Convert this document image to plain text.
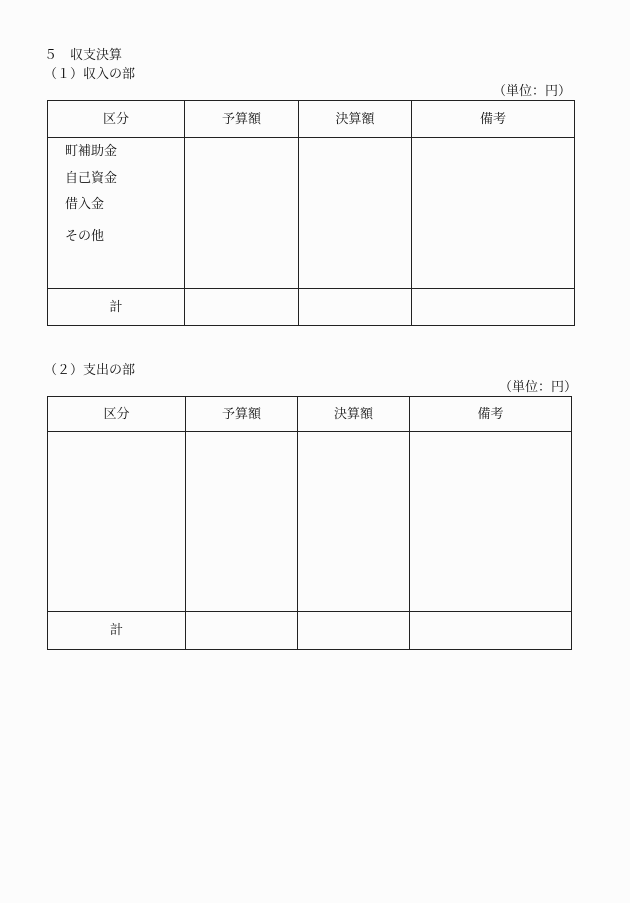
５　収支決算
（１）収入の部
（単位：円）
区分	予算額	決算額	備考

町補助金
自己資金
借入金
その他			

計			
（２）支出の部
（単位：円）
区分	予算額	決算額	備考

計			
